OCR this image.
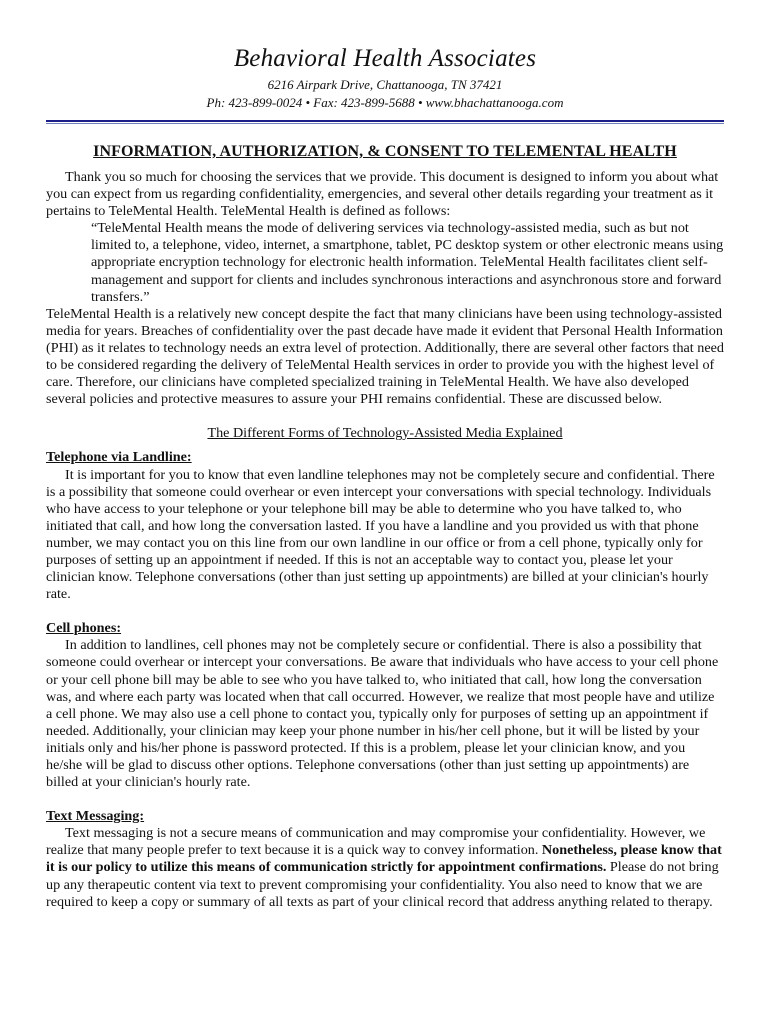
Behavioral Health Associates
6216 Airpark Drive, Chattanooga, TN 37421
Ph: 423-899-0024 • Fax: 423-899-5688 • www.bhachattanooga.com
INFORMATION, AUTHORIZATION, & CONSENT TO TELEMENTAL HEALTH

Thank you so much for choosing the services that we provide. This document is designed to inform you about what you can expect from us regarding confidentiality, emergencies, and several other details regarding your treatment as it pertains to TeleMental Health. TeleMental Health is defined as follows:

“TeleMental Health means the mode of delivering services via technology-assisted media, such as but not limited to, a telephone, video, internet, a smartphone, tablet, PC desktop system or other electronic means using appropriate encryption technology for electronic health information. TeleMental Health facilitates client self-management and support for clients and includes synchronous interactions and asynchronous store and forward transfers.”

TeleMental Health is a relatively new concept despite the fact that many clinicians have been using technology-assisted media for years. Breaches of confidentiality over the past decade have made it evident that Personal Health Information (PHI) as it relates to technology needs an extra level of protection. Additionally, there are several other factors that need to be considered regarding the delivery of TeleMental Health services in order to provide you with the highest level of care. Therefore, our clinicians have completed specialized training in TeleMental Health. We have also developed several policies and protective measures to assure your PHI remains confidential. These are discussed below.

The Different Forms of Technology-Assisted Media Explained

Telephone via Landline:

It is important for you to know that even landline telephones may not be completely secure and confidential. There is a possibility that someone could overhear or even intercept your conversations with special technology. Individuals who have access to your telephone or your telephone bill may be able to determine who you have talked to, who initiated that call, and how long the conversation lasted. If you have a landline and you provided us with that phone number, we may contact you on this line from our own landline in our office or from a cell phone, typically only for purposes of setting up an appointment if needed. If this is not an acceptable way to contact you, please let your clinician know. Telephone conversations (other than just setting up appointments) are billed at your clinician's hourly rate.

Cell phones:

In addition to landlines, cell phones may not be completely secure or confidential. There is also a possibility that someone could overhear or intercept your conversations. Be aware that individuals who have access to your cell phone or your cell phone bill may be able to see who you have talked to, who initiated that call, how long the conversation was, and where each party was located when that call occurred. However, we realize that most people have and utilize a cell phone. We may also use a cell phone to contact you, typically only for purposes of setting up an appointment if needed. Additionally, your clinician may keep your phone number in his/her cell phone, but it will be listed by your initials only and his/her phone is password protected. If this is a problem, please let your clinician know, and you he/she will be glad to discuss other options. Telephone conversations (other than just setting up appointments) are billed at your clinician's hourly rate.

Text Messaging:

Text messaging is not a secure means of communication and may compromise your confidentiality. However, we realize that many people prefer to text because it is a quick way to convey information. Nonetheless, please know that it is our policy to utilize this means of communication strictly for appointment confirmations. Please do not bring up any therapeutic content via text to prevent compromising your confidentiality. You also need to know that we are required to keep a copy or summary of all texts as part of your clinical record that address anything related to therapy.
